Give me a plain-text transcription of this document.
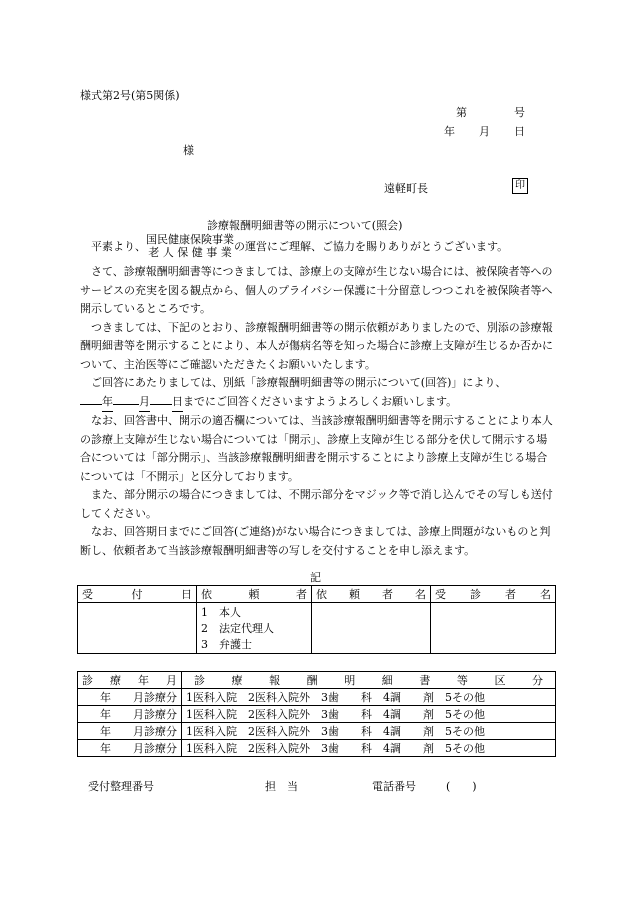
様式第2号(第5関係)
第	号
年 月 日
様
遠軽町長	印
診療報酬明細書等の開示について(照会)
平素より、
国民健康保険事業
老 人 保 健 事 業 の運営にご理解、ご協力を賜りありがとうございます。

さて、診療報酬明細書等につきましては、診療上の支障が生じない場合には、被保険者等へのサービスの充実を図る観点から、個人のプライバシー保護に十分留意しつつこれを被保険者等へ開示しているところです。

つきましては、下記のとおり、診療報酬明細書等の開示依頼がありましたので、別添の診療報酬明細書等を開示することにより、本人が傷病名等を知った場合に診療上支障が生じるか否かについて、主治医等にご確認いただきたくお願いいたします。

ご回答にあたりましては、別紙「診療報酬明細書等の開示について(回答)」により、

年 月 日までにご回答くださいますようよろしくお願いします。

なお、回答書中、開示の適否欄については、当該診療報酬明細書等を開示することにより本人の診療上支障が生じない場合については「開示」、診療上支障が生じる部分を伏して開示する場合については「部分開示」、当該診療報酬明細書を開示することにより診療上支障が生じる場合については「不開示」と区分しております。

また、部分開示の場合につきましては、不開示部分をマジック等で消し込んでその写しも送付してください。

なお、回答期日までにご回答(ご連絡)がない場合につきましては、診療上問題がないものと判断し、依頼者あて当該診療報酬明細書等の写しを交付することを申し添えます。

記
受　付　日	依　頼　者	依　頼　者　名	受　診　者　名

	1　本人
2　法定代理人
3　弁護士		

診療年月	診療報酬明細書等区分
年　　月診療分	1医科入院　2医科入院外　3歯　　科　4調　　剤　5その他
年　　月診療分	1医科入院　2医科入院外　3歯　　科　4調　　剤　5その他
年　　月診療分	1医科入院　2医科入院外　3歯　　科　4調　　剤　5その他
年　　月診療分	1医科入院　2医科入院外　3歯　　科　4調　　剤　5その他
受付整理番号	担　当	電話番号	(　　)
